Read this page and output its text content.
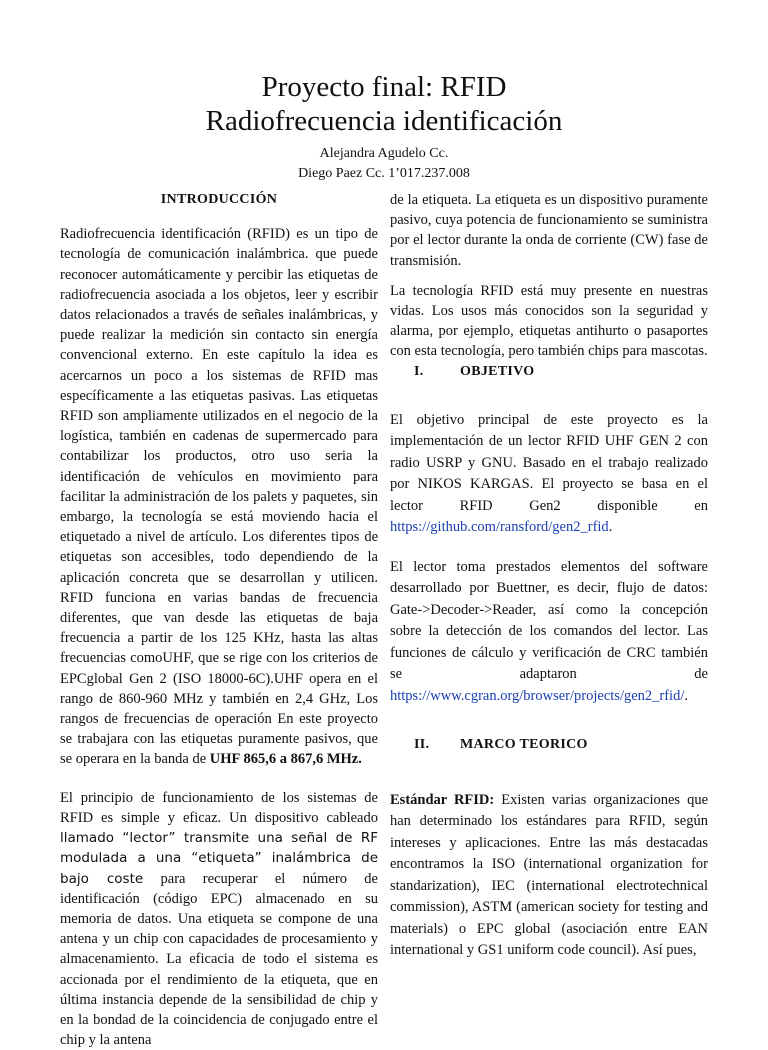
Proyecto final: RFID
Radiofrecuencia identificación

Alejandra Agudelo Cc.

Diego Paez Cc. 1’017.237.008

INTRODUCCIÓN

Radiofrecuencia identificación (RFID) es un tipo de tecnología de comunicación inalámbrica. que puede reconocer automáticamente y percibir las etiquetas de radiofrecuencia asociada a los objetos, leer y escribir datos relacionados a través de señales inalámbricas, y puede realizar la medición sin contacto sin energía convencional externo. En este capítulo la idea es acercarnos un poco a los sistemas de RFID mas específicamente a las etiquetas pasivas. Las etiquetas RFID son ampliamente utilizados en el negocio de la logística, también en cadenas de supermercado para contabilizar los productos, otro uso seria la identificación de vehículos en movimiento para facilitar la administración de los palets y paquetes, sin embargo, la tecnología se está moviendo hacia el etiquetado a nivel de artículo. Los diferentes tipos de etiquetas son accesibles, todo dependiendo de la aplicación concreta que se desarrollan y utilicen. RFID funciona en varias bandas de frecuencia diferentes, que van desde las etiquetas de baja frecuencia a partir de los 125 KHz, hasta las altas frecuencias comoUHF, que se rige con los criterios de EPCglobal Gen 2 (ISO 18000-6C).UHF opera en el rango de 860-960 MHz y también en 2,4 GHz, Los rangos de frecuencias de operación En este proyecto se trabajara con las etiquetas puramente pasivos, que se operara en la banda de UHF 865,6 a 867,6 MHz.

El principio de funcionamiento de los sistemas de RFID es simple y eficaz. Un dispositivo cableado llamado “lector” transmite una señal de RF modulada a una “etiqueta” inalámbrica de bajo coste para recuperar el número de identificación (código EPC) almacenado en su memoria de datos. Una etiqueta se compone de una antena y un chip con capacidades de procesamiento y almacenamiento. La eficacia de todo el sistema es accionada por el rendimiento de la etiqueta, que en última instancia depende de la sensibilidad de chip y en la bondad de la coincidencia de conjugado entre el chip y la antena

de la etiqueta. La etiqueta es un dispositivo puramente pasivo, cuya potencia de funcionamiento se suministra por el lector durante la onda de corriente (CW) fase de transmisión.

La tecnología RFID está muy presente en nuestras vidas. Los usos más conocidos son la seguridad y alarma, por ejemplo, etiquetas antihurto o pasaportes con esta tecnología, pero también chips para mascotas.

I.	OBJETIVO

El objetivo principal de este proyecto es la implementación de un lector RFID UHF GEN 2 con radio USRP y GNU. Basado en el trabajo realizado por NIKOS KARGAS. El proyecto se basa en el lector RFID Gen2 disponible en https://github.com/ransford/gen2_rfid.

El lector toma prestados elementos del software desarrollado por Buettner, es decir, flujo de datos: Gate->Decoder->Reader, así como la concepción sobre la detección de los comandos del lector. Las funciones de cálculo y verificación de CRC también se adaptaron de https://www.cgran.org/browser/projects/gen2_rfid/.

II.	MARCO TEORICO

Estándar RFID: Existen varias organizaciones que han determinado los estándares para RFID, según intereses y aplicaciones. Entre las más destacadas encontramos la ISO (international organization for standarization), IEC (international electrotechnical commission), ASTM (american society for testing and materials) o EPC global (asociación entre EAN international y GS1 uniform code council). Así pues,
